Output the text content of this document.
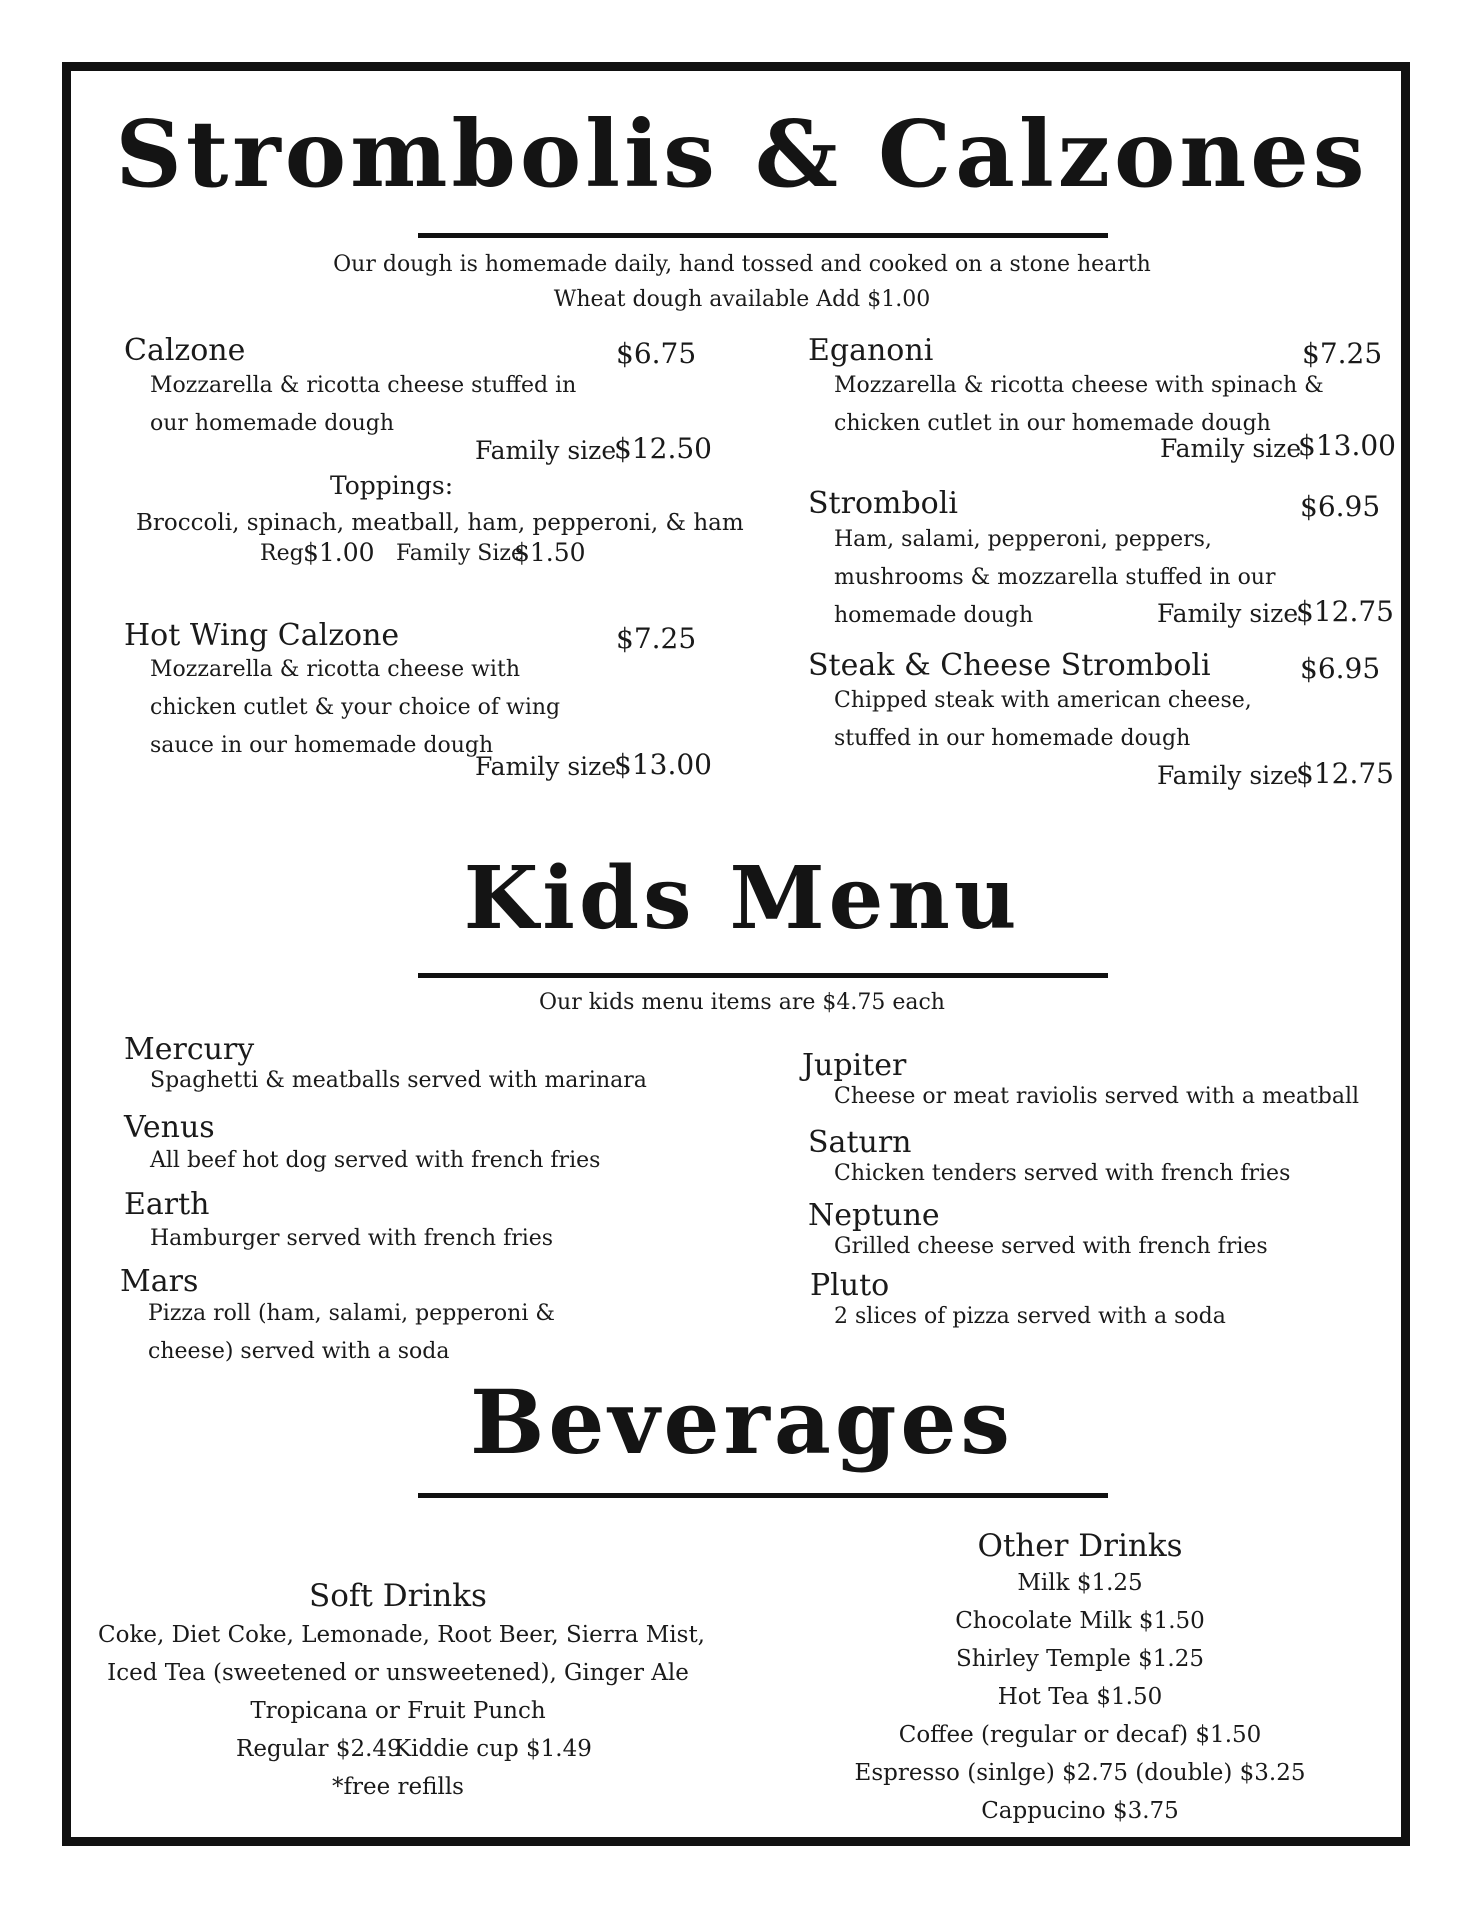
Strombolis & Calzones
Our dough is homemade daily, hand tossed and cooked on a stone hearth
Wheat dough available Add $1.00
Calzone	$6.75
Mozzarella & ricotta cheese stuffed in our homemade dough
Family size
$12.50
Toppings:
Broccoli, spinach, meatball, ham, pepperoni, & ham
Reg $1.00 Family Size
$1.50
Hot Wing Calzone	$7.25
Mozzarella & ricotta cheese with chicken cutlet & your choice of wing sauce in our homemade dough
Family size
$13.00
Eganoni	$7.25
Mozzarella & ricotta cheese with spinach & chicken cutlet in our homemade dough
Family size
$13.00
Stromboli	$6.95
Ham, salami, pepperoni, peppers, mushrooms & mozzarella stuffed in our homemade dough	Family size
$12.75
Steak & Cheese Stromboli	$6.95
Chipped steak with american cheese, stuffed in our homemade dough
Family size
$12.75
Kids Menu
Our kids menu items are $4.75 each
Mercury
Spaghetti & meatballs served with marinara
Venus
All beef hot dog served with french fries
Earth
Hamburger served with french fries
Mars
Pizza roll (ham, salami, pepperoni & cheese) served with a soda
Jupiter
Cheese or meat raviolis served with a meatball
Saturn
Chicken tenders served with french fries
Neptune
Grilled cheese served with french fries
Pluto
2 slices of pizza served with a soda
Beverages
Soft Drinks
Coke, Diet Coke, Lemonade, Root Beer, Sierra Mist,
Iced Tea (sweetened or unsweetened), Ginger Ale
Tropicana or Fruit Punch
Regular $2.49
Kiddie cup $1.49
*free refills
Other Drinks
Milk $1.25
Chocolate Milk $1.50
Shirley Temple $1.25
Hot Tea $1.50
Coffee (regular or decaf) $1.50
Espresso (sinlge) $2.75 (double) $3.25
Cappucino $3.75
